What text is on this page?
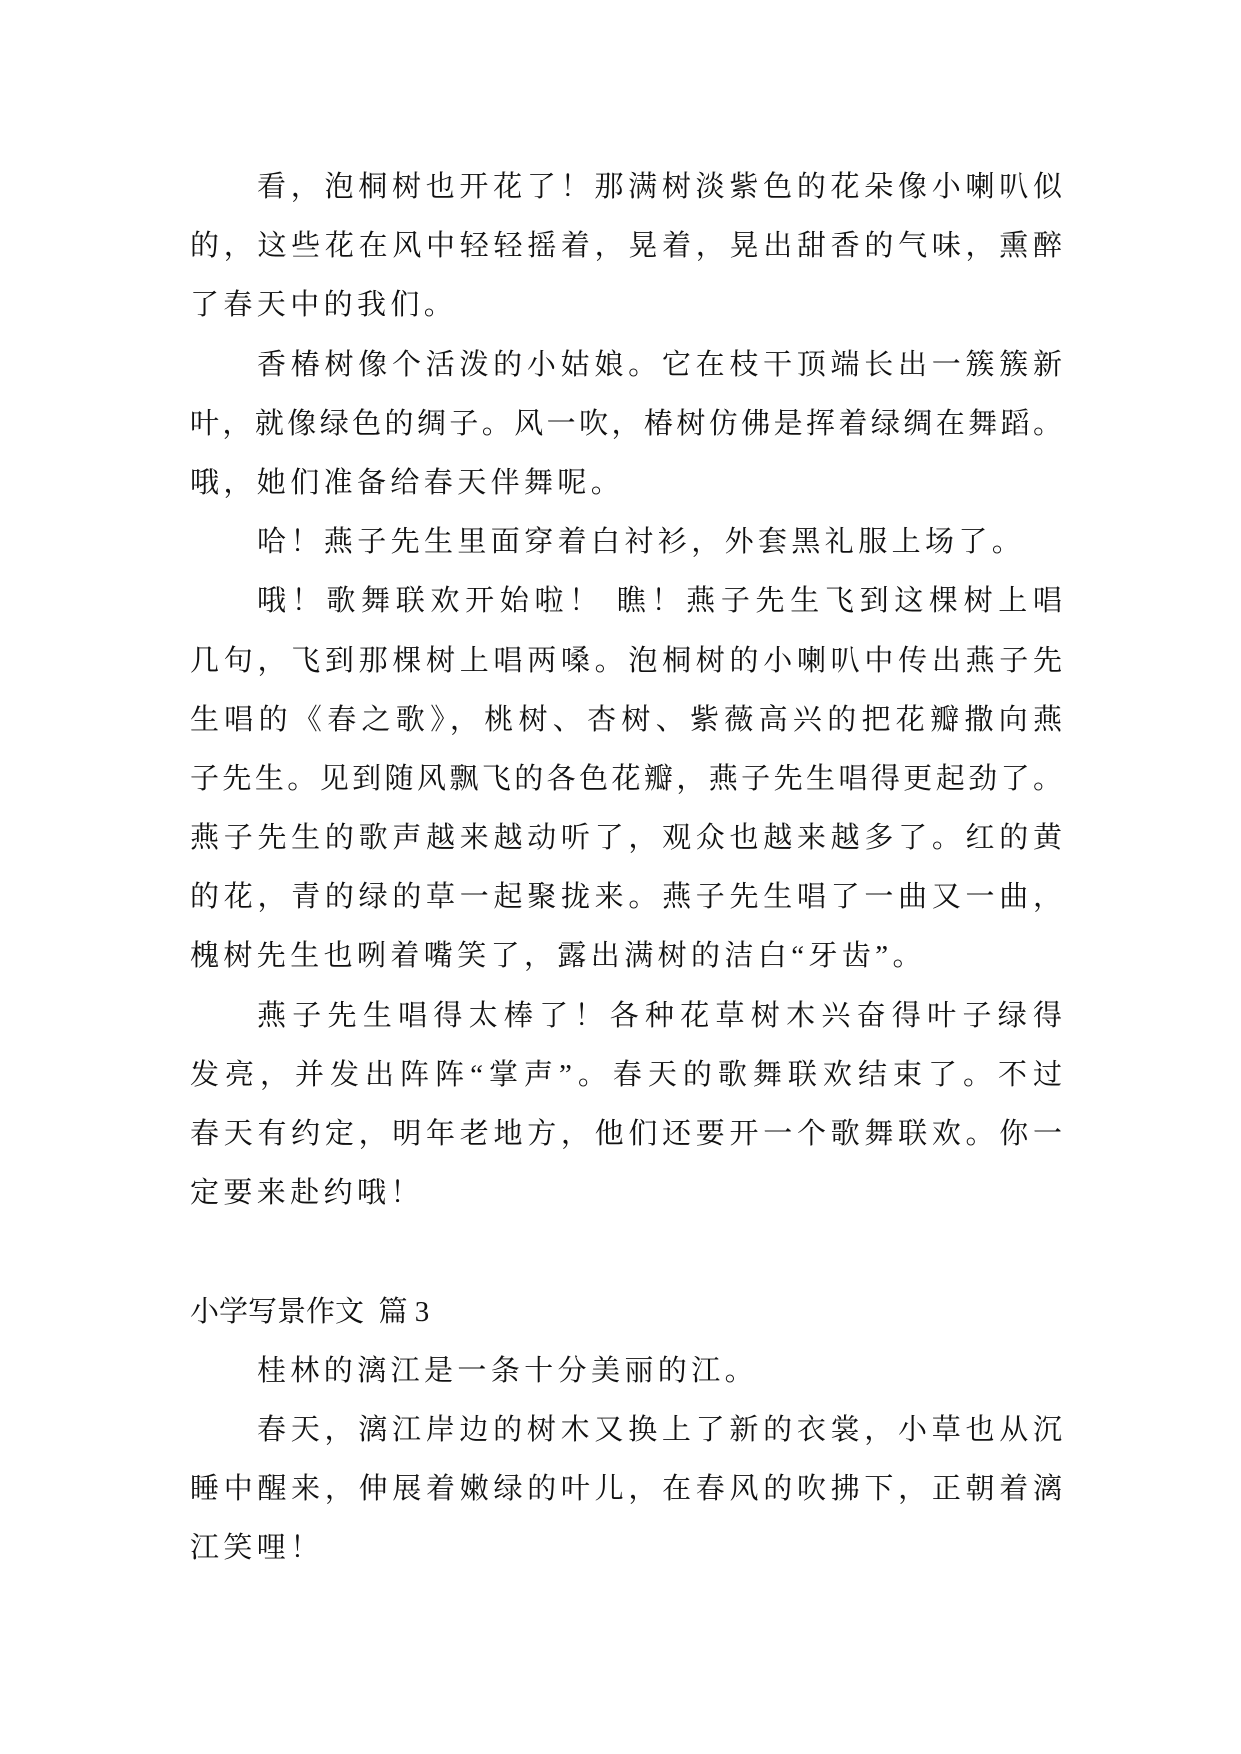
看，泡桐树也开花了！那满树淡紫色的花朵像小喇叭似
的，这些花在风中轻轻摇着，晃着，晃出甜香的气味，熏醉
了春天中的我们。
香椿树像个活泼的小姑娘。它在枝干顶端长出一簇簇新
叶，就像绿色的绸子。风一吹，椿树仿佛是挥着绿绸在舞蹈。
哦，她们准备给春天伴舞呢。
哈！燕子先生里面穿着白衬衫，外套黑礼服上场了。
哦！歌舞联欢开始啦！ 瞧！燕子先生飞到这棵树上唱
几句，飞到那棵树上唱两嗓。泡桐树的小喇叭中传出燕子先
生唱的《春之歌》，桃树、杏树、紫薇高兴的把花瓣撒向燕
子先生。见到随风飘飞的各色花瓣，燕子先生唱得更起劲了。
燕子先生的歌声越来越动听了，观众也越来越多了。红的黄
的花，青的绿的草一起聚拢来。燕子先生唱了一曲又一曲，
槐树先生也咧着嘴笑了，露出满树的洁白“牙齿”。
燕子先生唱得太棒了！各种花草树木兴奋得叶子绿得
发亮，并发出阵阵“掌声”。春天的歌舞联欢结束了。不过
春天有约定，明年老地方，他们还要开一个歌舞联欢。你一
定要来赴约哦！
小学写景作文  篇 3
桂林的漓江是一条十分美丽的江。
春天，漓江岸边的树木又换上了新的衣裳，小草也从沉
睡中醒来，伸展着嫩绿的叶儿，在春风的吹拂下，正朝着漓
江笑哩！
